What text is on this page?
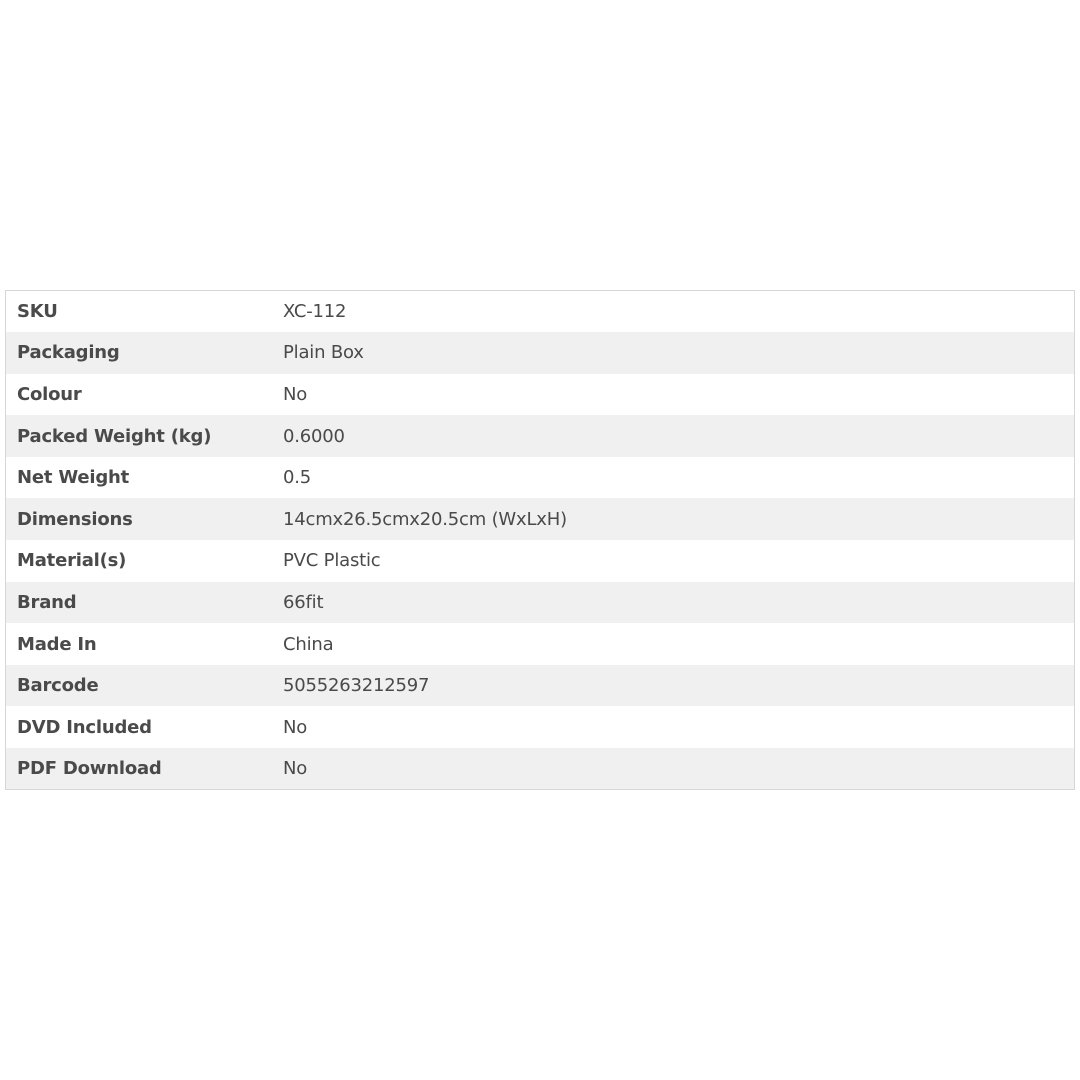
SKU	XC-112
Packaging	Plain Box
Colour	No
Packed Weight (kg)	0.6000
Net Weight	0.5
Dimensions	14cmx26.5cmx20.5cm (WxLxH)
Material(s)	PVC Plastic
Brand	66fit
Made In	China
Barcode	5055263212597
DVD Included	No
PDF Download	No
